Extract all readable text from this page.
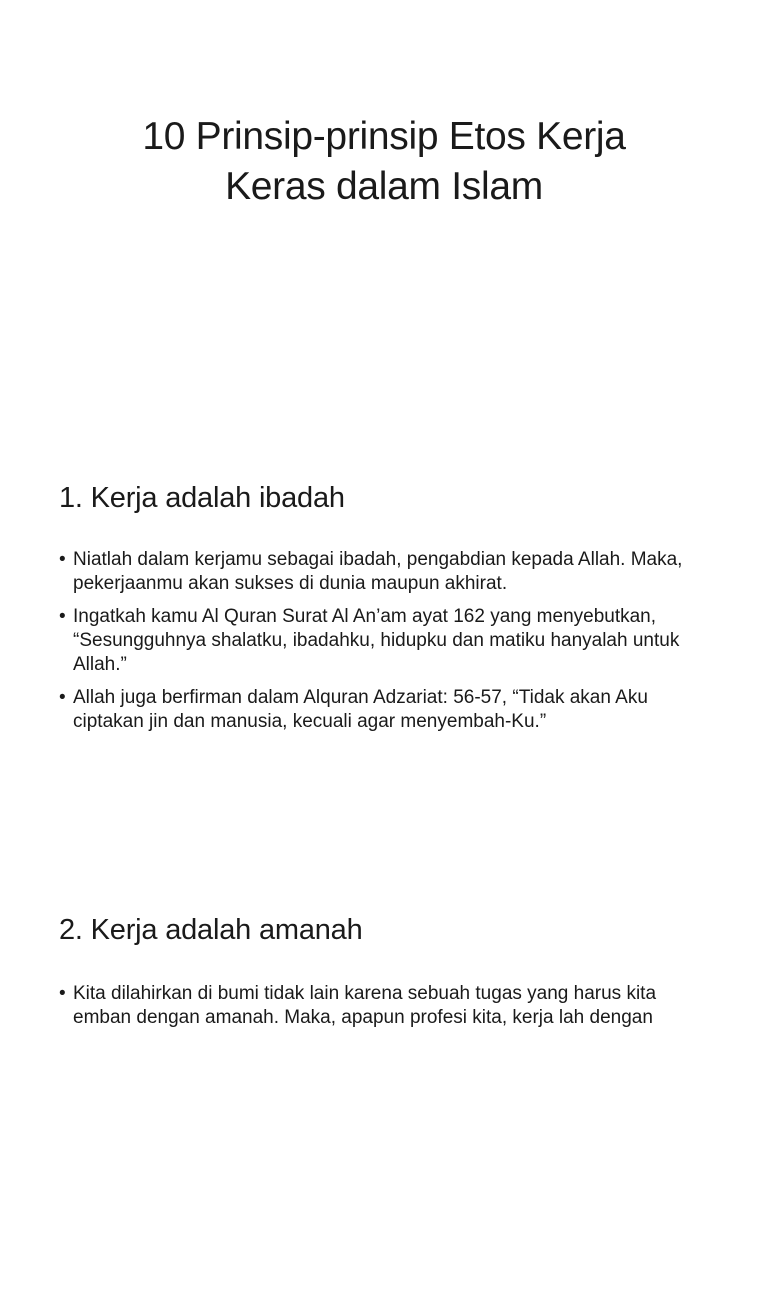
10 Prinsip-prinsip Etos Kerja
Keras dalam Islam
1. Kerja adalah ibadah
• Niatlah dalam kerjamu sebagai ibadah, pengabdian kepada Allah. Maka, pekerjaanmu akan sukses di dunia maupun akhirat.
• Ingatkah kamu Al Quran Surat Al An’am ayat 162 yang menyebutkan, “Sesungguhnya shalatku, ibadahku, hidupku dan matiku hanyalah untuk Allah.”
• Allah juga berfirman dalam Alquran Adzariat: 56-57, “Tidak akan Aku ciptakan jin dan manusia, kecuali agar menyembah-Ku.”
2. Kerja adalah amanah
• Kita dilahirkan di bumi tidak lain karena sebuah tugas yang harus kita emban dengan amanah. Maka, apapun profesi kita, kerja lah dengan
